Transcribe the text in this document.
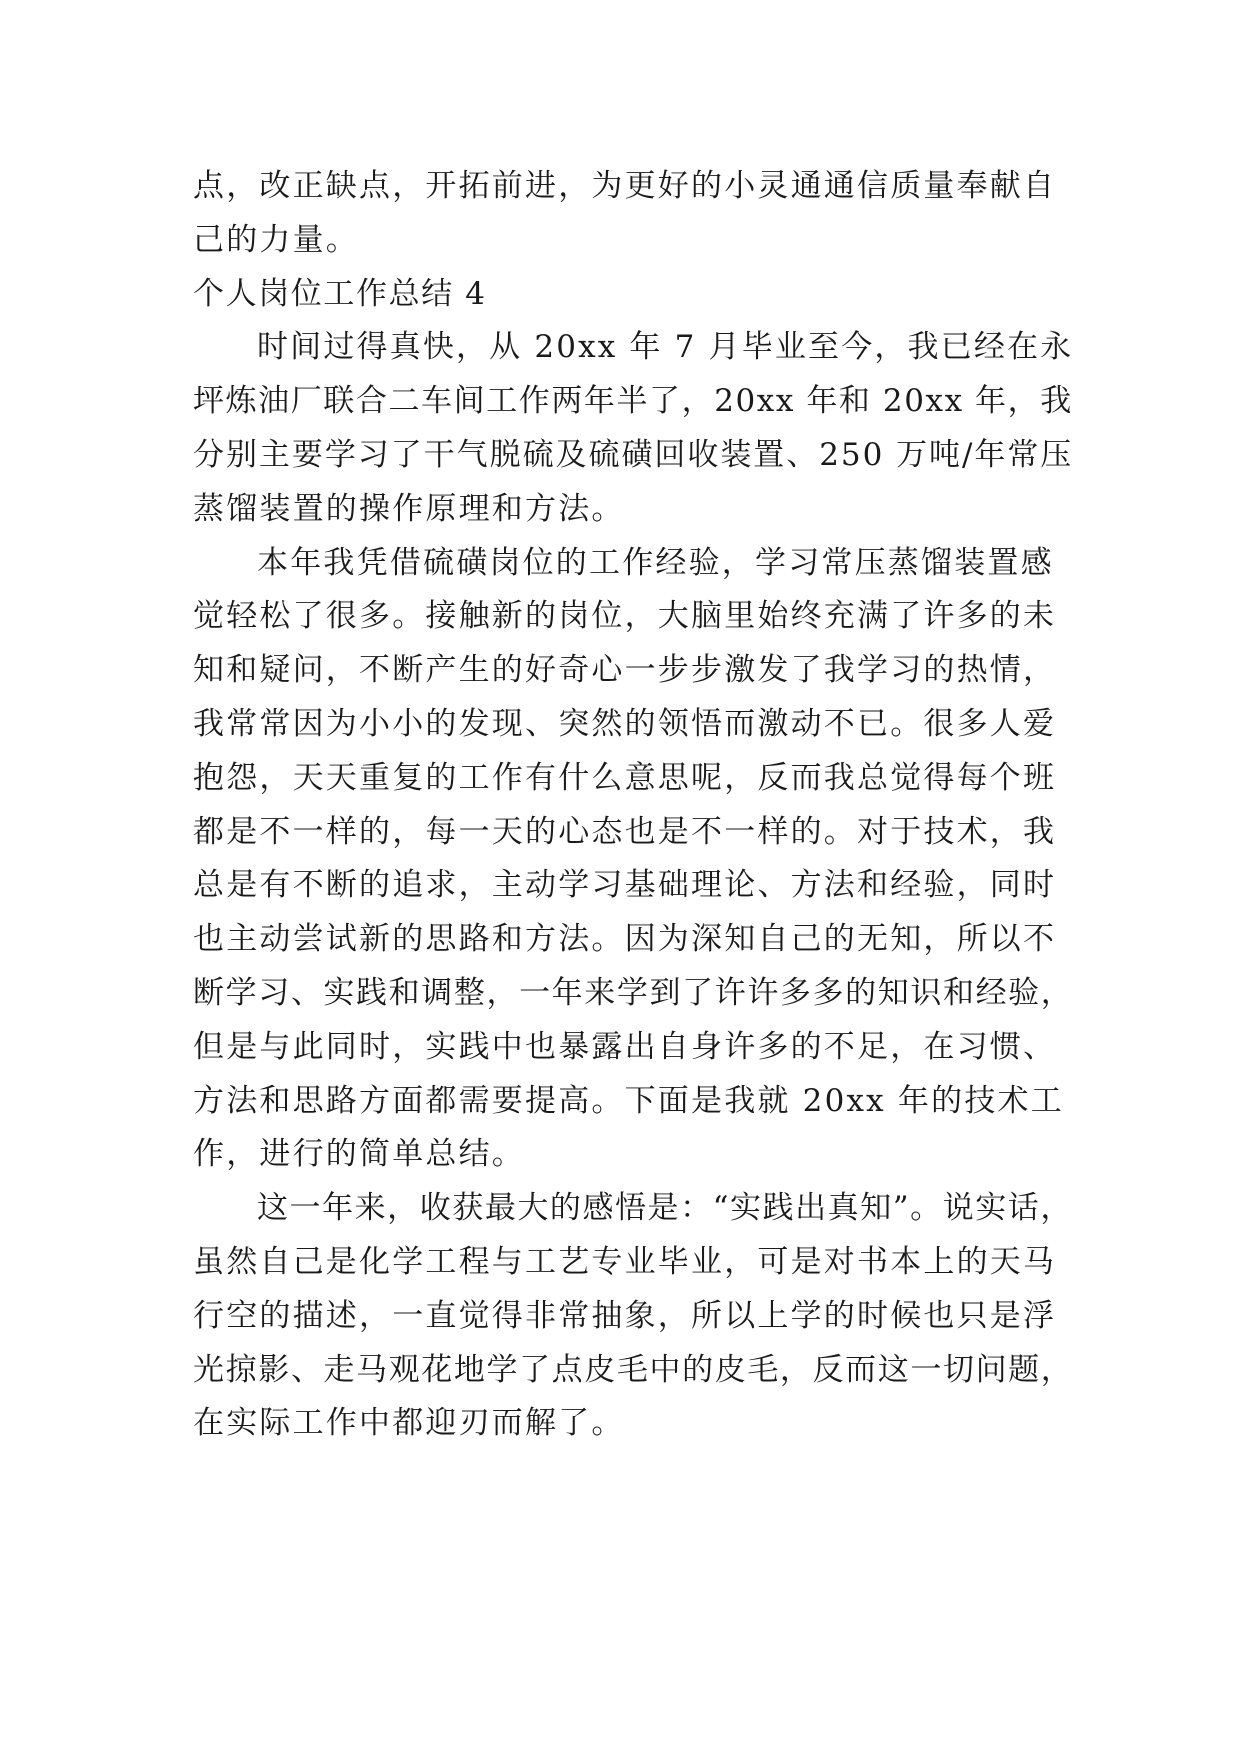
点，改正缺点，开拓前进，为更好的小灵通通信质量奉献自
己的力量。
个人岗位工作总结 4
时间过得真快，从 20xx 年 7 月毕业至今，我已经在永
坪炼油厂联合二车间工作两年半了，20xx 年和 20xx 年，我
分别主要学习了干气脱硫及硫磺回收装置、250 万吨/年常压
蒸馏装置的操作原理和方法。
本年我凭借硫磺岗位的工作经验，学习常压蒸馏装置感
觉轻松了很多。接触新的岗位，大脑里始终充满了许多的未
知和疑问，不断产生的好奇心一步步激发了我学习的热情，
我常常因为小小的发现、突然的领悟而激动不已。很多人爱
抱怨，天天重复的工作有什么意思呢，反而我总觉得每个班
都是不一样的，每一天的心态也是不一样的。对于技术，我
总是有不断的追求，主动学习基础理论、方法和经验，同时
也主动尝试新的思路和方法。因为深知自己的无知，所以不
断学习、实践和调整，一年来学到了许许多多的知识和经验，
但是与此同时，实践中也暴露出自身许多的不足，在习惯、
方法和思路方面都需要提高。下面是我就 20xx 年的技术工
作，进行的简单总结。
这一年来，收获最大的感悟是：“实践出真知”。说实话，
虽然自己是化学工程与工艺专业毕业，可是对书本上的天马
行空的描述，一直觉得非常抽象，所以上学的时候也只是浮
光掠影、走马观花地学了点皮毛中的皮毛，反而这一切问题，
在实际工作中都迎刃而解了。
